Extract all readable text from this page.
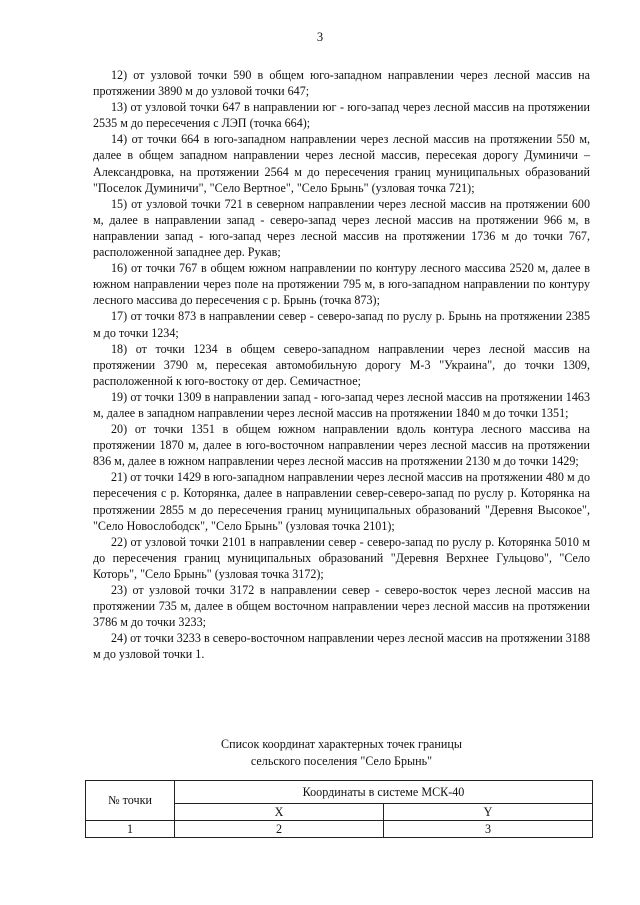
3

12) от узловой точки 590 в общем юго-западном направлении через лесной массив на протяжении 3890 м до узловой точки 647;

13) от узловой точки 647 в направлении юг - юго-запад через лесной массив на протяжении 2535 м до пересечения с ЛЭП (точка 664);

14) от точки 664 в юго-западном направлении через лесной массив на протяжении 550 м, далее в общем западном направлении через лесной массив, пересекая дорогу Думиничи – Александровка, на протяжении 2564 м до пересечения границ муниципальных образований "Поселок Думиничи", "Село Вертное", "Село Брынь" (узловая точка 721);

15) от узловой точки 721 в северном направлении через лесной массив на протяжении 600 м, далее в направлении запад - северо-запад через лесной массив на протяжении 966 м, в направлении запад - юго-запад через лесной массив на протяжении 1736 м до точки 767, расположенной западнее дер. Рукав;

16) от точки 767 в общем южном направлении по контуру лесного массива 2520 м, далее в южном направлении через поле на протяжении 795 м, в юго-западном направлении по контуру лесного массива до пересечения с р. Брынь (точка 873);

17) от точки 873 в направлении север - северо-запад по руслу р. Брынь на протяжении 2385 м до точки 1234;

18) от точки 1234 в общем северо-западном направлении через лесной массив на протяжении 3790 м, пересекая автомобильную дорогу М-3 "Украина", до точки 1309, расположенной к юго-востоку от дер. Семичастное;

19) от точки 1309 в направлении запад - юго-запад через лесной массив на протяжении 1463 м, далее в западном направлении через лесной массив на протяжении 1840 м до точки 1351;

20) от точки 1351 в общем южном направлении вдоль контура лесного массива на протяжении 1870 м, далее в юго-восточном направлении через лесной массив на протяжении 836 м, далее в южном направлении через лесной массив на протяжении 2130 м до точки 1429;

21) от точки 1429 в юго-западном направлении через лесной массив на протяжении 480 м до пересечения с р. Которянка, далее в направлении север-северо-запад по руслу р. Которянка на протяжении 2855 м до пересечения границ муниципальных образований "Деревня Высокое", "Село Новослободск", "Село Брынь" (узловая точка 2101);

22) от узловой точки 2101 в направлении север - северо-запад по руслу р. Которянка 5010 м до пересечения границ муниципальных образований "Деревня Верхнее Гульцово", "Село Которь", "Село Брынь" (узловая точка 3172);

23) от узловой точки 3172 в направлении север - северо-восток через лесной массив на протяжении 735 м, далее в общем восточном направлении через лесной массив на протяжении 3786 м до точки 3233;

24) от точки 3233 в северо-восточном направлении через лесной массив на протяжении 3188 м до узловой точки 1.

Список координат характерных точек границы
сельского поселения "Село Брынь"
№ точки	Координаты в системе МСК-40	
	X	Y
1	2	3
